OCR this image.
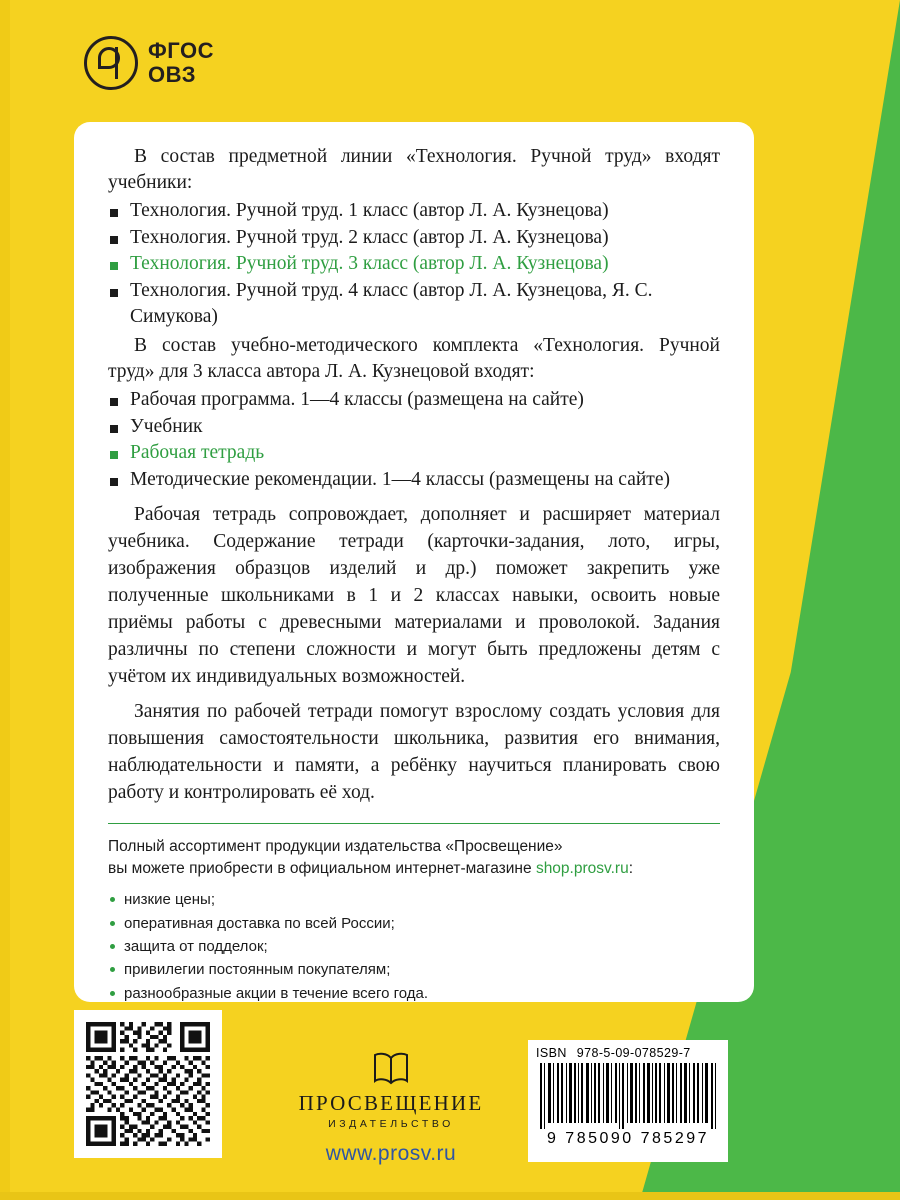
ФГОС
ОВЗ

В состав предметной линии «Технология. Ручной труд» входят учебники:

Технология. Ручной труд. 1 класс (автор Л. А. Кузнецова)
Технология. Ручной труд. 2 класс (автор Л. А. Кузнецова)
Технология. Ручной труд. 3 класс (автор Л. А. Кузнецова)
Технология. Ручной труд. 4 класс (автор Л. А. Кузнецова, Я. С. Симукова)

В состав учебно-методического комплекта «Технология. Ручной труд» для 3 класса автора Л. А. Кузнецовой входят:

Рабочая программа. 1—4 классы (размещена на сайте)
Учебник
Рабочая тетрадь
Методические рекомендации. 1—4 классы (размещены на сайте)

Рабочая тетрадь сопровождает, дополняет и расширяет материал учебника. Содержание тетради (карточки-задания, лото, игры, изображения образцов изделий и др.) поможет закрепить уже полученные школьниками в 1 и 2 классах навыки, освоить новые приёмы работы с древесными материалами и проволокой. Задания различны по степени сложности и могут быть предложены детям с учётом их индивидуальных возможностей.

Занятия по рабочей тетради помогут взрослому создать условия для повышения самостоятельности школьника, развития его внимания, наблюдательности и памяти, а ребёнку научиться планировать свою работу и контролировать её ход.

Полный ассортимент продукции издательства «Просвещение»

вы можете приобрести в официальном интернет-магазине shop.prosv.ru:

низкие цены;
оперативная доставка по всей России;
защита от подделок;
привилегии постоянным покупателям;
разнообразные акции в течение всего года.
ПРОСВЕЩЕНИЕ
ИЗДАТЕЛЬСТВО
www.prosv.ru
ISBN 978-5-09-078529-7
9 785090 785297
